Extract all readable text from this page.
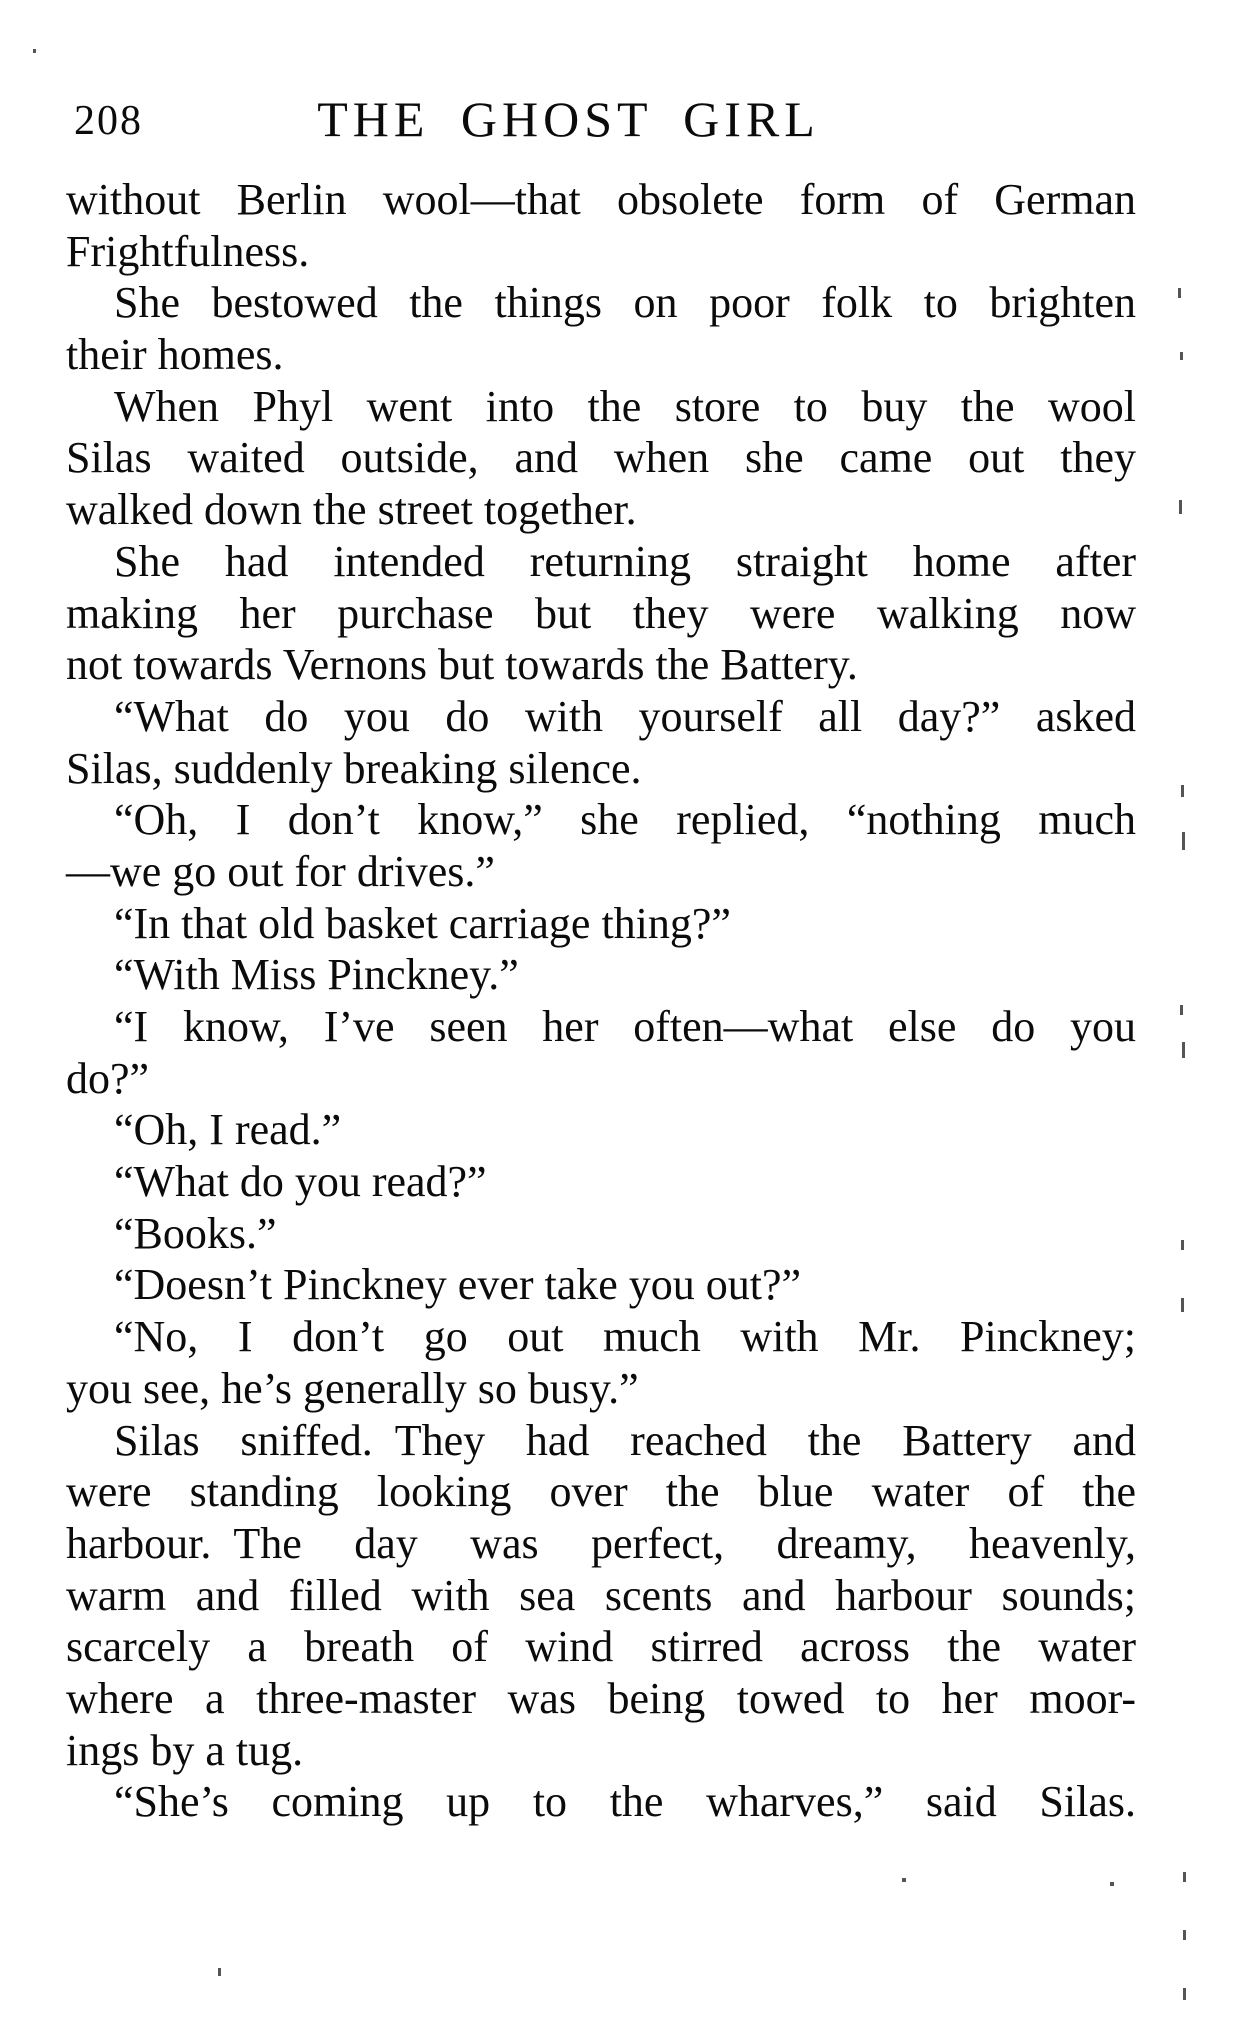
208	THE GHOST GIRL
without Berlin wool—that obsolete form of German
Frightfulness.
She bestowed the things on poor folk to brighten
their homes.
When Phyl went into the store to buy the wool
Silas waited outside, and when she came out they
walked down the street together.
She had intended returning straight home after
making her purchase but they were walking now
not towards Vernons but towards the Battery.
“What do you do with yourself all day?” asked
Silas, suddenly breaking silence.
“Oh, I don’t know,” she replied, “nothing much
—we go out for drives.”
“In that old basket carriage thing?”
“With Miss Pinckney.”
“I know, I’ve seen her often—what else do you
do?”
“Oh, I read.”
“What do you read?”
“Books.”
“Doesn’t Pinckney ever take you out?”
“No, I don’t go out much with Mr. Pinckney;
you see, he’s generally so busy.”
Silas sniffed. They had reached the Battery and
were standing looking over the blue water of the
harbour. The day was perfect, dreamy, heavenly,
warm and filled with sea scents and harbour sounds;
scarcely a breath of wind stirred across the water
where a three-master was being towed to her moor-
ings by a tug.
“She’s coming up to the wharves,” said Silas.
